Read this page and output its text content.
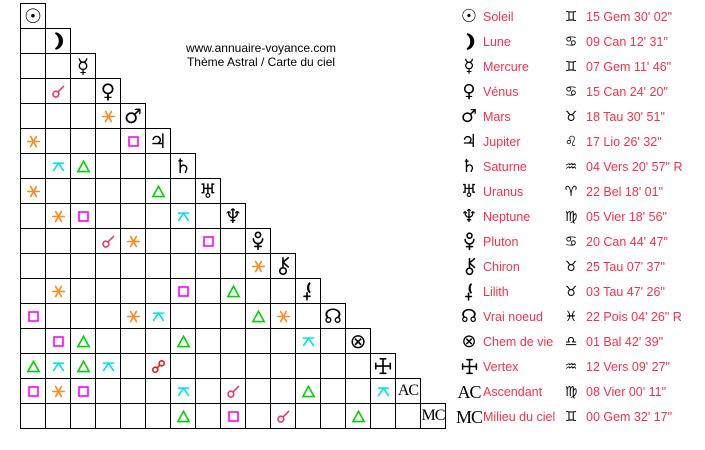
www.annuaire-voyance.com
Thème Astral / Carte du ciel
☉
☿
♀
♂
♃
♄
♅
♆
☊
⊗
AC
MC
☉ Soleil	♊ 15 Gem 30' 02"
Lune	♋ 09 Can 12' 31"
☿ Mercure	♊ 07 Gem 11' 46"
♀ Vénus	♋ 15 Can 24' 20"
♂ Mars	♉ 18 Tau 30' 51"
♃ Jupiter	♌ 17 Lio 26' 32"
♄ Saturne	♒ 04 Vers 20' 57" R
♅ Uranus	♈ 22 Bel 18' 01"
♆ Neptune	♍ 05 Vier 18' 56"
Pluton	♋ 20 Can 44' 47"
Chiron	♉ 25 Tau 07' 37"
Lilith	♉ 03 Tau 47' 26"
☊ Vrai noeud	♓ 22 Pois 04' 26" R
⊗ Chem de vie ♎ 01 Bal 42' 39"
Vertex	♒ 12 Vers 09' 27"
AC Ascendant	♍ 08 Vier 00' 11"
MC Milieu du ciel ♊ 00 Gem 32' 17"
